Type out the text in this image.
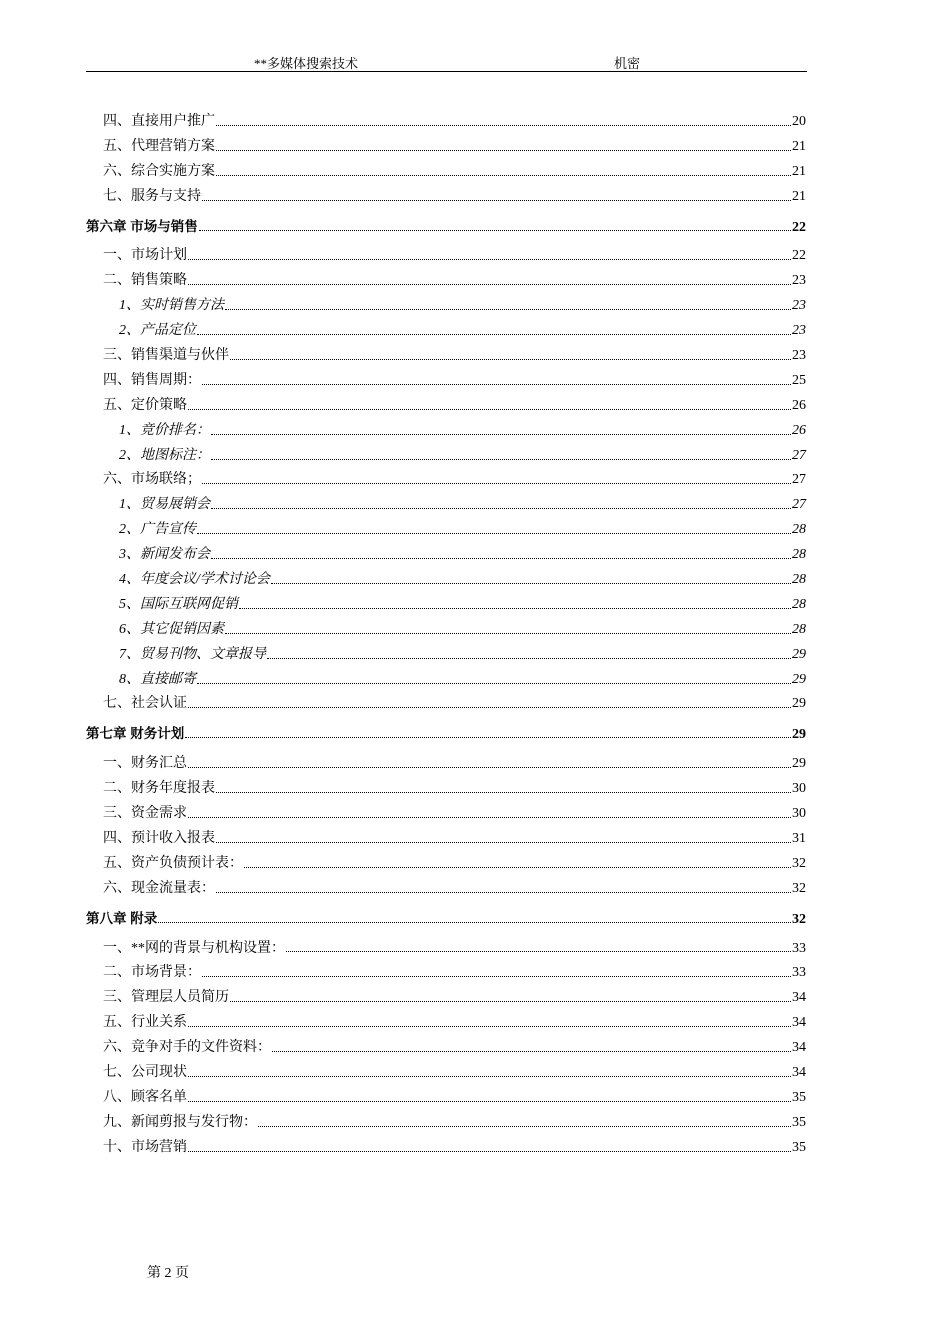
**多媒体搜索技术	机密
四、直接用户推广	20
五、代理营销方案	21
六、综合实施方案	21
七、服务与支持	21
第六章 市场与销售	22
一、市场计划	22
二、销售策略	23
1、实时销售方法	23
2、产品定位	23
三、销售渠道与伙伴	23
四、销售周期：	25
五、定价策略	26
1、竞价排名：	26
2、地图标注：	27
六、市场联络；	27
1、贸易展销会	27
2、广告宣传	28
3、新闻发布会	28
4、年度会议/学术讨论会	28
5、国际互联网促销	28
6、其它促销因素	28
7、贸易刊物、文章报导	29
8、直接邮寄	29
七、社会认证	29
第七章 财务计划	29
一、财务汇总	29
二、财务年度报表	30
三、资金需求	30
四、预计收入报表	31
五、资产负债预计表：	32
六、现金流量表：	32
第八章 附录	32
一、**网的背景与机构设置：	33
二、市场背景：	33
三、管理层人员简历	34
五、行业关系	34
六、竞争对手的文件资料：	34
七、公司现状	34
八、顾客名单	35
九、新闻剪报与发行物：	35
十、市场营销	35
第 2 页
